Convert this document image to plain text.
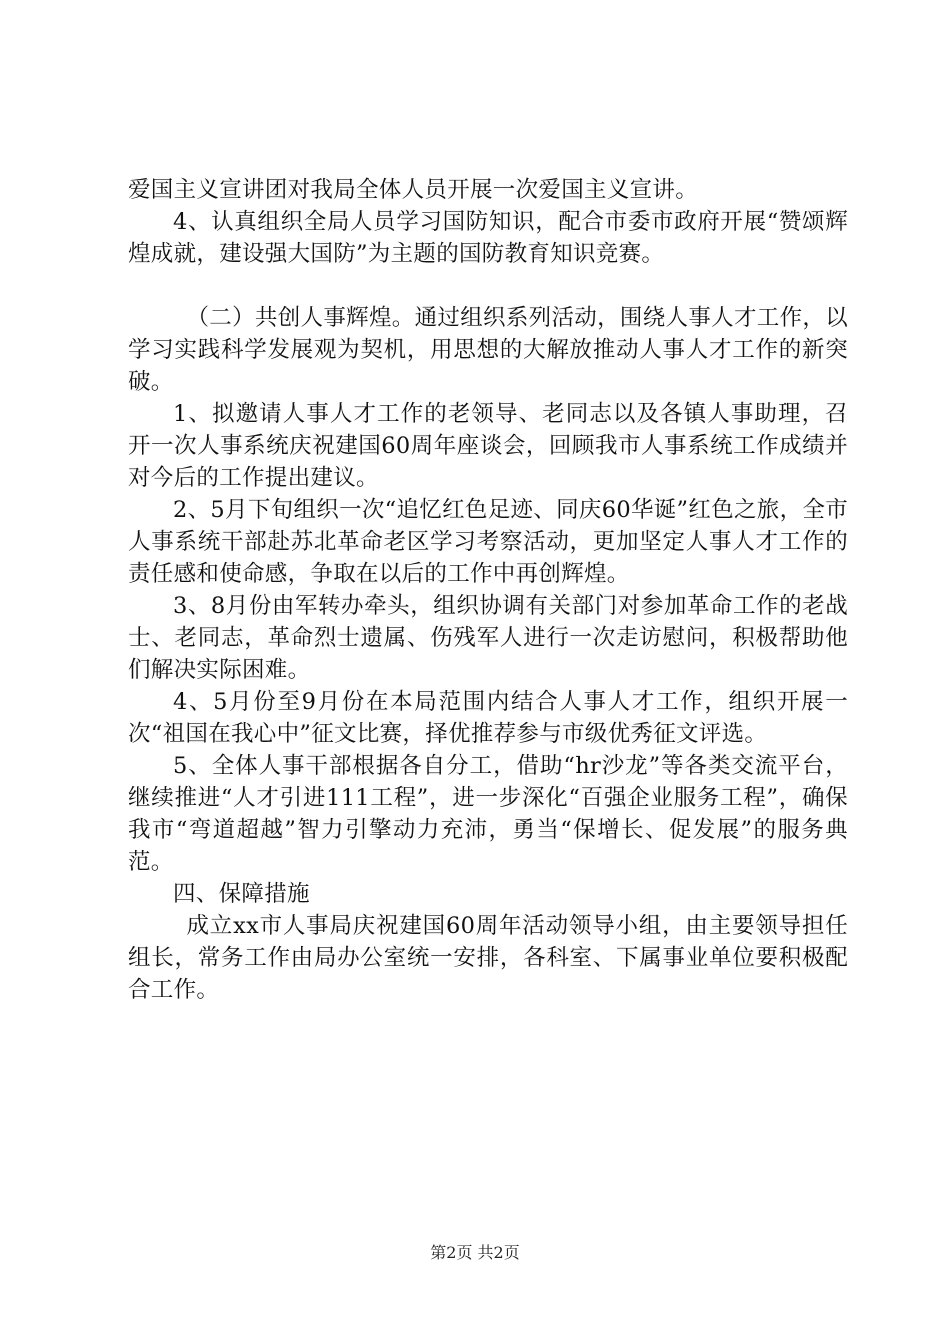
爱国主义宣讲团对我局全体人员开展一次爱国主义宣讲。

4、认真组织全局人员学习国防知识，配合市委市政府开展“赞颂辉煌成就，建设强大国防”为主题的国防教育知识竞赛。

（二）共创人事辉煌。通过组织系列活动，围绕人事人才工作，以学习实践科学发展观为契机，用思想的大解放推动人事人才工作的新突破。

1、拟邀请人事人才工作的老领导、老同志以及各镇人事助理，召开一次人事系统庆祝建国60周年座谈会，回顾我市人事系统工作成绩并对今后的工作提出建议。

2、5月下旬组织一次“追忆红色足迹、同庆60华诞”红色之旅，全市人事系统干部赴苏北革命老区学习考察活动，更加坚定人事人才工作的责任感和使命感，争取在以后的工作中再创辉煌。

3、8月份由军转办牵头，组织协调有关部门对参加革命工作的老战士、老同志，革命烈士遗属、伤残军人进行一次走访慰问，积极帮助他们解决实际困难。

4、5月份至9月份在本局范围内结合人事人才工作，组织开展一次“祖国在我心中”征文比赛，择优推荐参与市级优秀征文评选。

5、全体人事干部根据各自分工，借助“hr沙龙”等各类交流平台，继续推进“人才引进111工程”，进一步深化“百强企业服务工程”，确保我市“弯道超越”智力引擎动力充沛，勇当“保增长、促发展”的服务典范。

四、保障措施

成立xx市人事局庆祝建国60周年活动领导小组，由主要领导担任组长，常务工作由局办公室统一安排，各科室、下属事业单位要积极配合工作。

第2页 共2页
